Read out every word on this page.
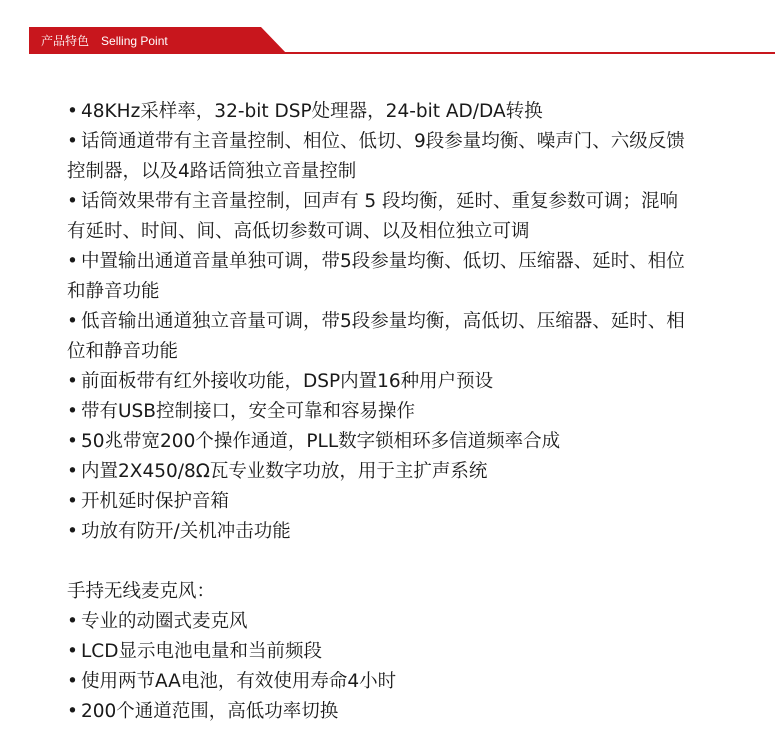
产品特色 Selling Point
• 48KHz采样率，32-bit DSP处理器，24-bit AD/DA转换
• 话筒通道带有主音量控制、相位、低切、9段参量均衡、噪声门、六级反馈
控制器，以及4路话筒独立音量控制
• 话筒效果带有主音量控制，回声有 5 段均衡，延时、重复参数可调；混响
有延时、时间、间、高低切参数可调、以及相位独立可调
• 中置输出通道音量单独可调，带5段参量均衡、低切、压缩器、延时、相位
和静音功能
• 低音输出通道独立音量可调，带5段参量均衡，高低切、压缩器、延时、相
位和静音功能
• 前面板带有红外接收功能，DSP内置16种用户预设
• 带有USB控制接口，安全可靠和容易操作
• 50兆带宽200个操作通道，PLL数字锁相环多信道频率合成
• 内置2X450/8Ω瓦专业数字功放，用于主扩声系统
• 开机延时保护音箱
• 功放有防开/关机冲击功能
手持无线麦克风：
• 专业的动圈式麦克风
• LCD显示电池电量和当前频段
• 使用两节AA电池，有效使用寿命4小时
• 200个通道范围，高低功率切换
